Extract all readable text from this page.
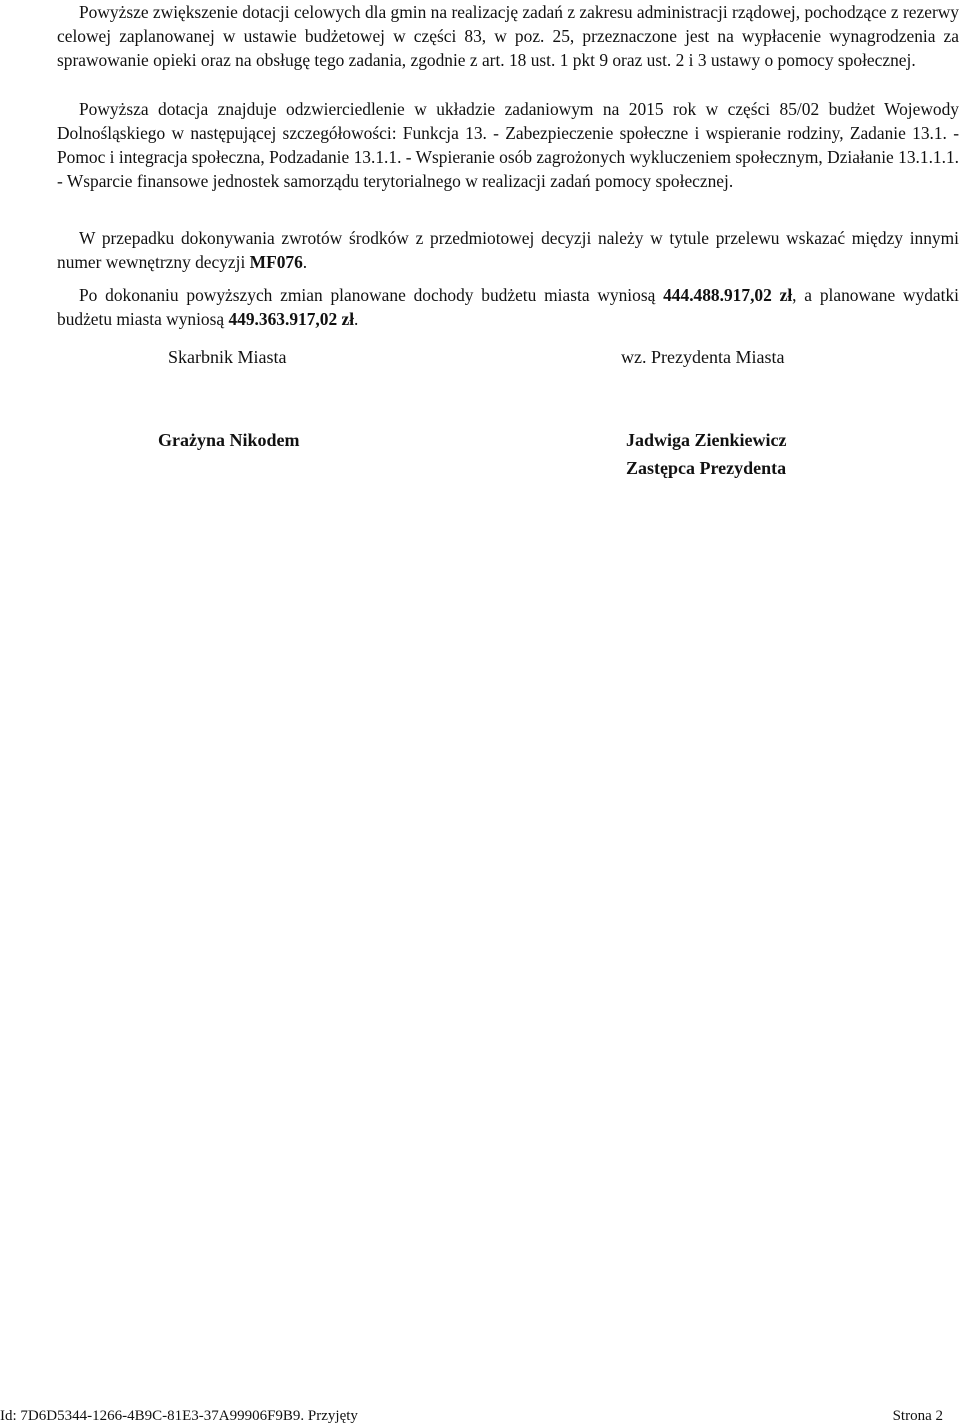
Powyższe zwiększenie dotacji celowych dla gmin na realizację zadań z zakresu administracji rządowej, pochodzące z rezerwy celowej zaplanowanej w ustawie budżetowej w części 83, w poz. 25, przeznaczone jest na wypłacenie wynagrodzenia za sprawowanie opieki oraz na obsługę tego zadania, zgodnie z art. 18 ust. 1 pkt 9 oraz ust. 2 i 3 ustawy o pomocy społecznej.

Powyższa dotacja znajduje odzwierciedlenie w układzie zadaniowym na 2015 rok w części 85/02 budżet Wojewody Dolnośląskiego w następującej szczegółowości: Funkcja 13. - Zabezpieczenie społeczne i wspieranie rodziny, Zadanie 13.1. - Pomoc i integracja społeczna, Podzadanie 13.1.1. - Wspieranie osób zagrożonych wykluczeniem społecznym, Działanie 13.1.1.1. - Wsparcie finansowe jednostek samorządu terytorialnego w realizacji zadań pomocy społecznej.

W przepadku dokonywania zwrotów środków z przedmiotowej decyzji należy w tytule przelewu wskazać między innymi numer wewnętrzny decyzji MF076.

Po dokonaniu powyższych zmian planowane dochody budżetu miasta wyniosą 444.488.917,02 zł, a planowane wydatki budżetu miasta wyniosą 449.363.917,02 zł.

Skarbnik Miasta	wz. Prezydenta Miasta

Grażyna Nikodem	Jadwiga Zienkiewicz

Zastępca Prezydenta

Id: 7D6D5344-1266-4B9C-81E3-37A99906F9B9. Przyjęty	Strona 2
